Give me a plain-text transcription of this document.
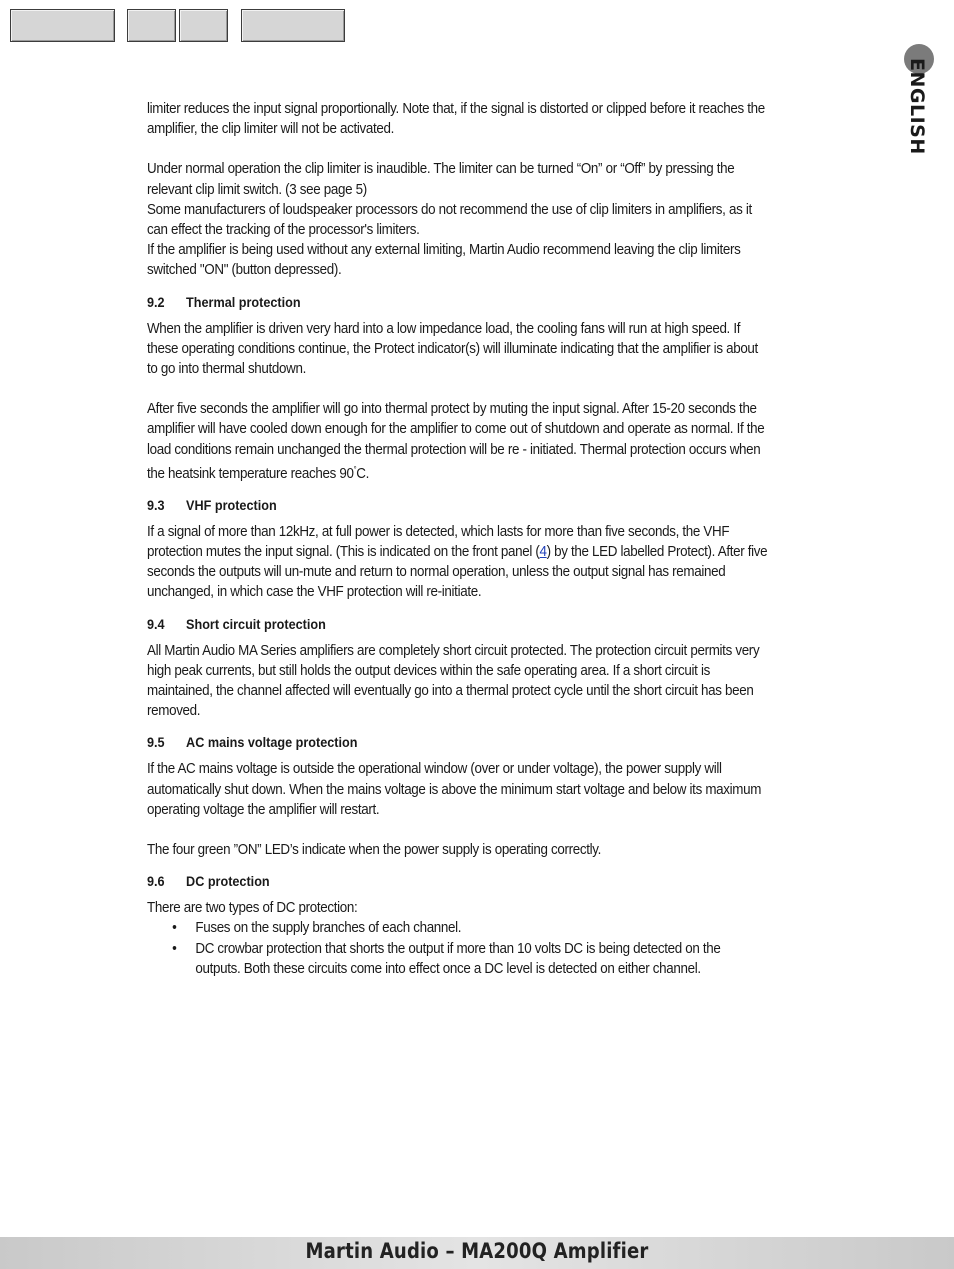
ENGLISH

limiter reduces the input signal proportionally. Note that, if the signal is distorted or clipped before it reaches the amplifier, the clip limiter will not be activated.

Under normal operation the clip limiter is inaudible. The limiter can be turned “On” or “Off” by pressing the relevant clip limit switch. (3 see page 5)

Some manufacturers of loudspeaker processors do not recommend the use of clip limiters in amplifiers, as it can effect the tracking of the processor's limiters.

If the amplifier is being used without any external limiting, Martin Audio recommend leaving the clip limiters switched "ON" (button depressed).

9.2 Thermal protection

When the amplifier is driven very hard into a low impedance load, the cooling fans will run at high speed. If these operating conditions continue, the Protect indicator(s) will illuminate indicating that the amplifier is about to go into thermal shutdown.

After five seconds the amplifier will go into thermal protect by muting the input signal. After 15-20 seconds the amplifier will have cooled down enough for the amplifier to come out of shutdown and operate as normal. If the load conditions remain unchanged the thermal protection will be re - initiated. Thermal protection occurs when the heatsink temperature reaches 90°C.

9.3 VHF protection

If a signal of more than 12kHz, at full power is detected, which lasts for more than five seconds, the VHF protection mutes the input signal. (This is indicated on the front panel (4) by the LED labelled Protect). After five seconds the outputs will un-mute and return to normal operation, unless the output signal has remained unchanged, in which case the VHF protection will re-initiate.

9.4 Short circuit protection

All Martin Audio MA Series amplifiers are completely short circuit protected. The protection circuit permits very high peak currents, but still holds the output devices within the safe operating area. If a short circuit is maintained, the channel affected will eventually go into a thermal protect cycle until the short circuit has been removed.

9.5 AC mains voltage protection

If the AC mains voltage is outside the operational window (over or under voltage), the power supply will automatically shut down. When the mains voltage is above the minimum start voltage and below its maximum operating voltage the amplifier will restart.

The four green ”ON” LED’s indicate when the power supply is operating correctly.

9.6 DC protection

There are two types of DC protection:

• Fuses on the supply branches of each channel.
• DC crowbar protection that shorts the output if more than 10 volts DC is being detected on the outputs. Both these circuits come into effect once a DC level is detected on either channel.
Martin Audio – MA200Q Amplifier
